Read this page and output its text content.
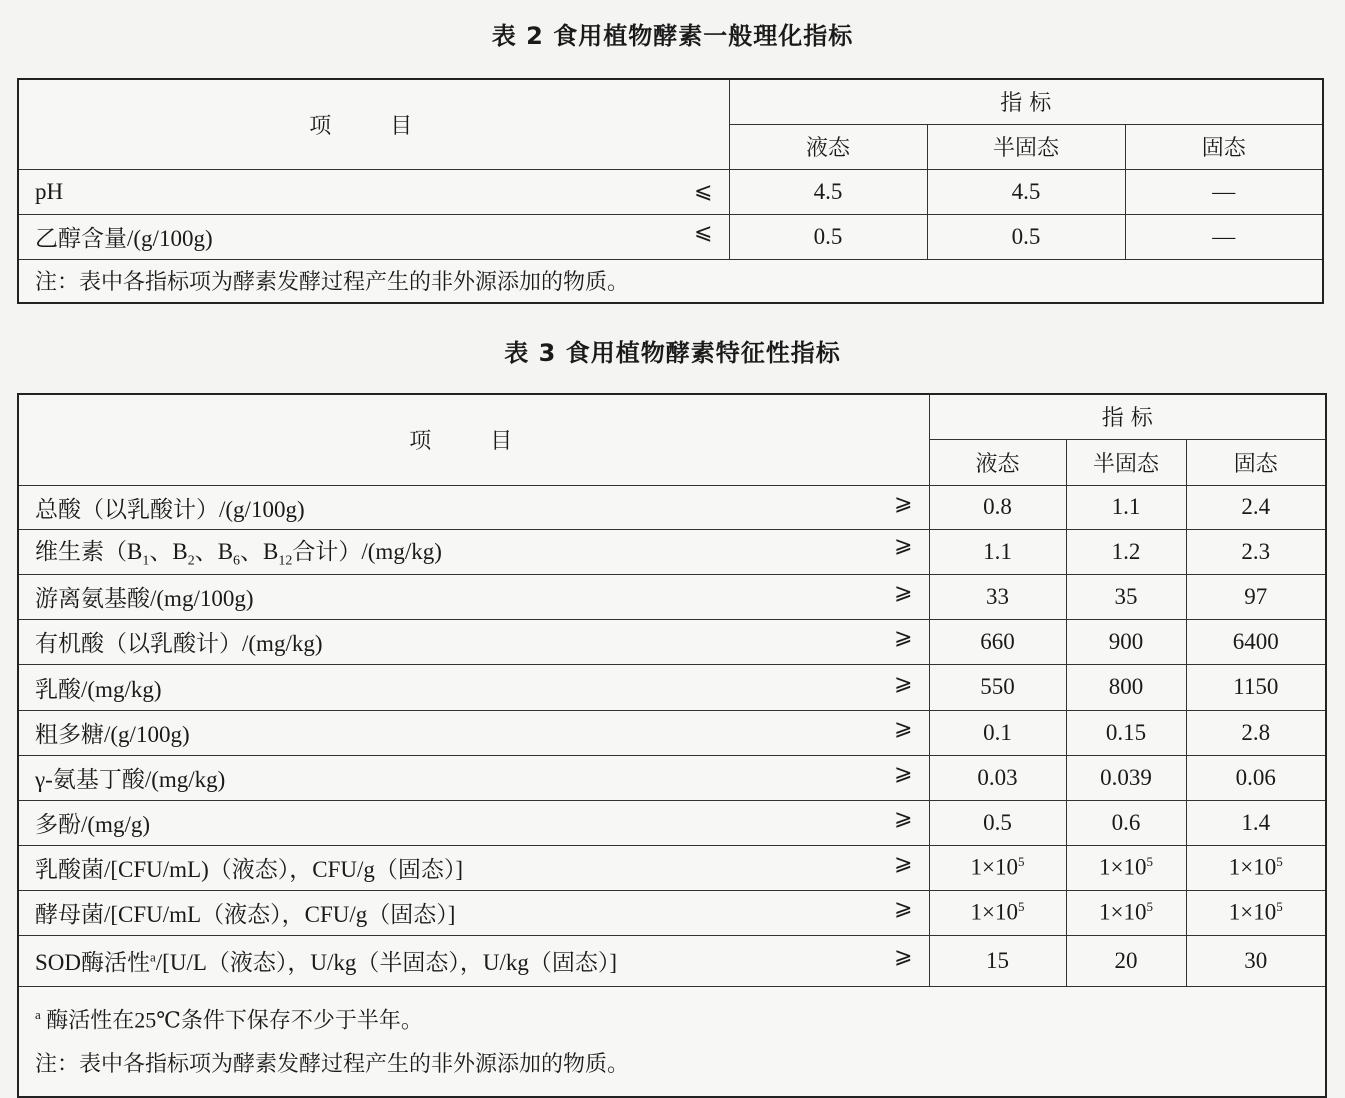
表 2 食用植物酵素一般理化指标
项 目	指 标		
	液态	半固态	固态

pH ⩽	4.5	4.5	—

乙醇含量/(g/100g) ⩽	0.5	0.5	—
注：表中各指标项为酵素发酵过程产生的非外源添加的物质。			
表 3 食用植物酵素特征性指标
项 目	指 标		
	液态	半固态	固态

总酸（以乳酸计）/(g/100g) ⩾	0.8	1.1	2.4

维生素（$B_1$、$B_2$、$B_6$、$B_{12}$合计）/(mg/kg) ⩾	1.1	1.2	2.3

游离氨基酸/(mg/100g) ⩾	33	35	97

有机酸（以乳酸计）/(mg/kg) ⩾	660	900	6400

乳酸/(mg/kg) ⩾	550	800	1150

粗多糖/(g/100g) ⩾	0.1	0.15	2.8

γ-氨基丁酸/(mg/kg) ⩾	0.03	0.039	0.06

多酚/(mg/g) ⩾	0.5	0.6	1.4

乳酸菌/[CFU/mL)（液态），CFU/g（固态）] ⩾	$1\times 10^5$	$1\times 10^5$	$1\times 10^5$

酵母菌/[CFU/mL（液态），CFU/g（固态）] ⩾	$1\times 10^5$	$1\times 10^5$	$1\times 10^5$

SOD酶活性$^a$/[U/L（液态），U/kg（半固态），U/kg（固态）] ⩾	15	20	30

$^a$ 酶活性在25℃条件下保存不少于半年。
注：表中各指标项为酵素发酵过程产生的非外源添加的物质。			
